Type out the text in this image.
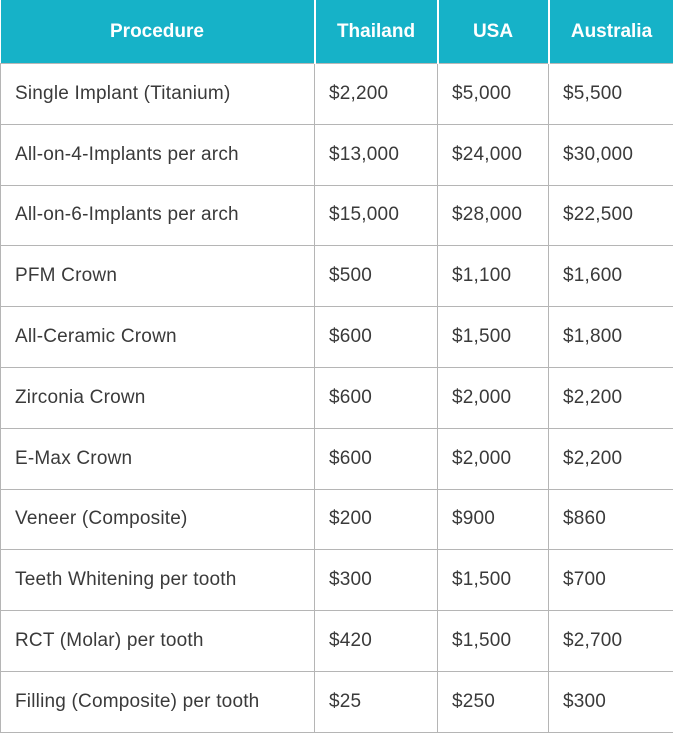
Procedure	Thailand	USA	Australia
Single Implant (Titanium)	$2,200	$5,000	$5,500
All-on-4-Implants per arch	$13,000	$24,000	$30,000
All-on-6-Implants per arch	$15,000	$28,000	$22,500
PFM Crown	$500	$1,100	$1,600
All-Ceramic Crown	$600	$1,500	$1,800
Zirconia Crown	$600	$2,000	$2,200
E-Max Crown	$600	$2,000	$2,200
Veneer (Composite)	$200	$900	$860
Teeth Whitening per tooth	$300	$1,500	$700
RCT (Molar) per tooth	$420	$1,500	$2,700
Filling (Composite) per tooth	$25	$250	$300
